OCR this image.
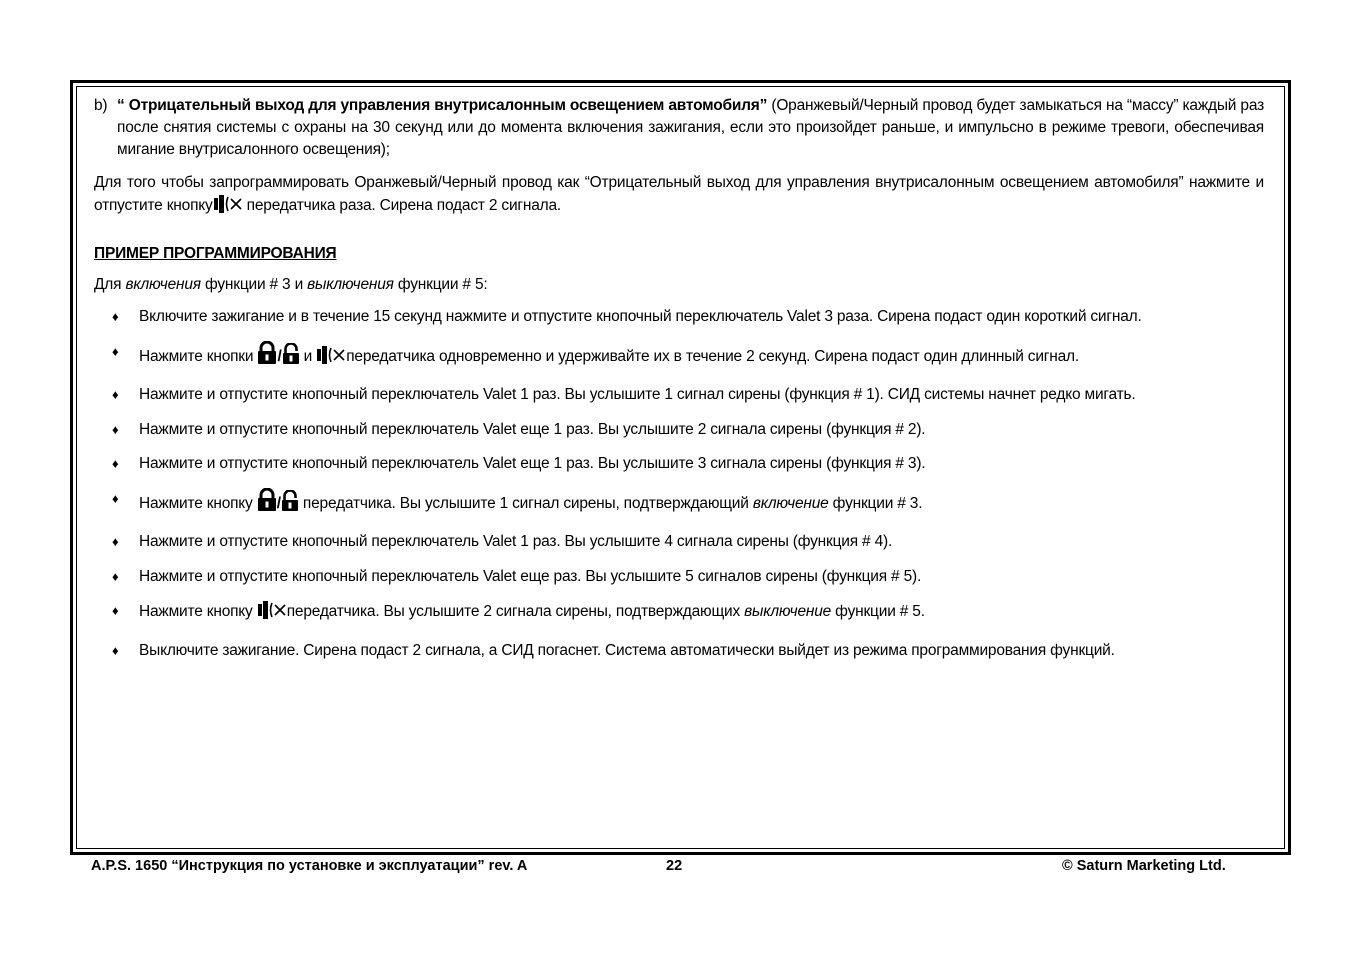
b) “ Отрицательный выход для управления внутрисалонным освещением автомобиля” (Оранжевый/Черный провод будет замыкаться на “массу” каждый раз после снятия системы с охраны на 30 секунд или до момента включения зажигания, если это произойдет раньше, и импульсно в режиме тревоги, обеспечивая мигание внутрисалонного освещения);
Для того чтобы запрограммировать Оранжевый/Черный провод как “Отрицательный выход для управления внутрисалонным освещением автомобиля” нажмите и отпустите кнопку передатчика раза. Сирена подаст 2 сигнала.
ПРИМЕР ПРОГРАММИРОВАНИЯ
Для включения функции # 3 и выключения функции # 5:
♦ Включите зажигание и в течение 15 секунд нажмите и отпустите кнопочный переключатель Valet 3 раза. Сирена подаст один короткий сигнал.
♦ Нажмите кнопки / и передатчика одновременно и удерживайте их в течение 2 секунд. Сирена подаст один длинный сигнал.
♦ Нажмите и отпустите кнопочный переключатель Valet 1 раз. Вы услышите 1 сигнал сирены (функция # 1). СИД системы начнет редко мигать.
♦ Нажмите и отпустите кнопочный переключатель Valet еще 1 раз. Вы услышите 2 сигнала сирены (функция # 2).
♦ Нажмите и отпустите кнопочный переключатель Valet еще 1 раз. Вы услышите 3 сигнала сирены (функция # 3).
♦ Нажмите кнопку / передатчика. Вы услышите 1 сигнал сирены, подтверждающий включение функции # 3.
♦ Нажмите и отпустите кнопочный переключатель Valet 1 раз. Вы услышите 4 сигнала сирены (функция # 4).
♦ Нажмите и отпустите кнопочный переключатель Valet еще раз. Вы услышите 5 сигналов сирены (функция # 5).
♦ Нажмите кнопку передатчика. Вы услышите 2 сигнала сирены, подтверждающих выключение функции # 5.
♦ Выключите зажигание. Сирена подаст 2 сигнала, а СИД погаснет. Система автоматически выйдет из режима программирования функций.
A.P.S. 1650 “Инструкция по установке и эксплуатации” rev. A	22	© Saturn Marketing Ltd.
